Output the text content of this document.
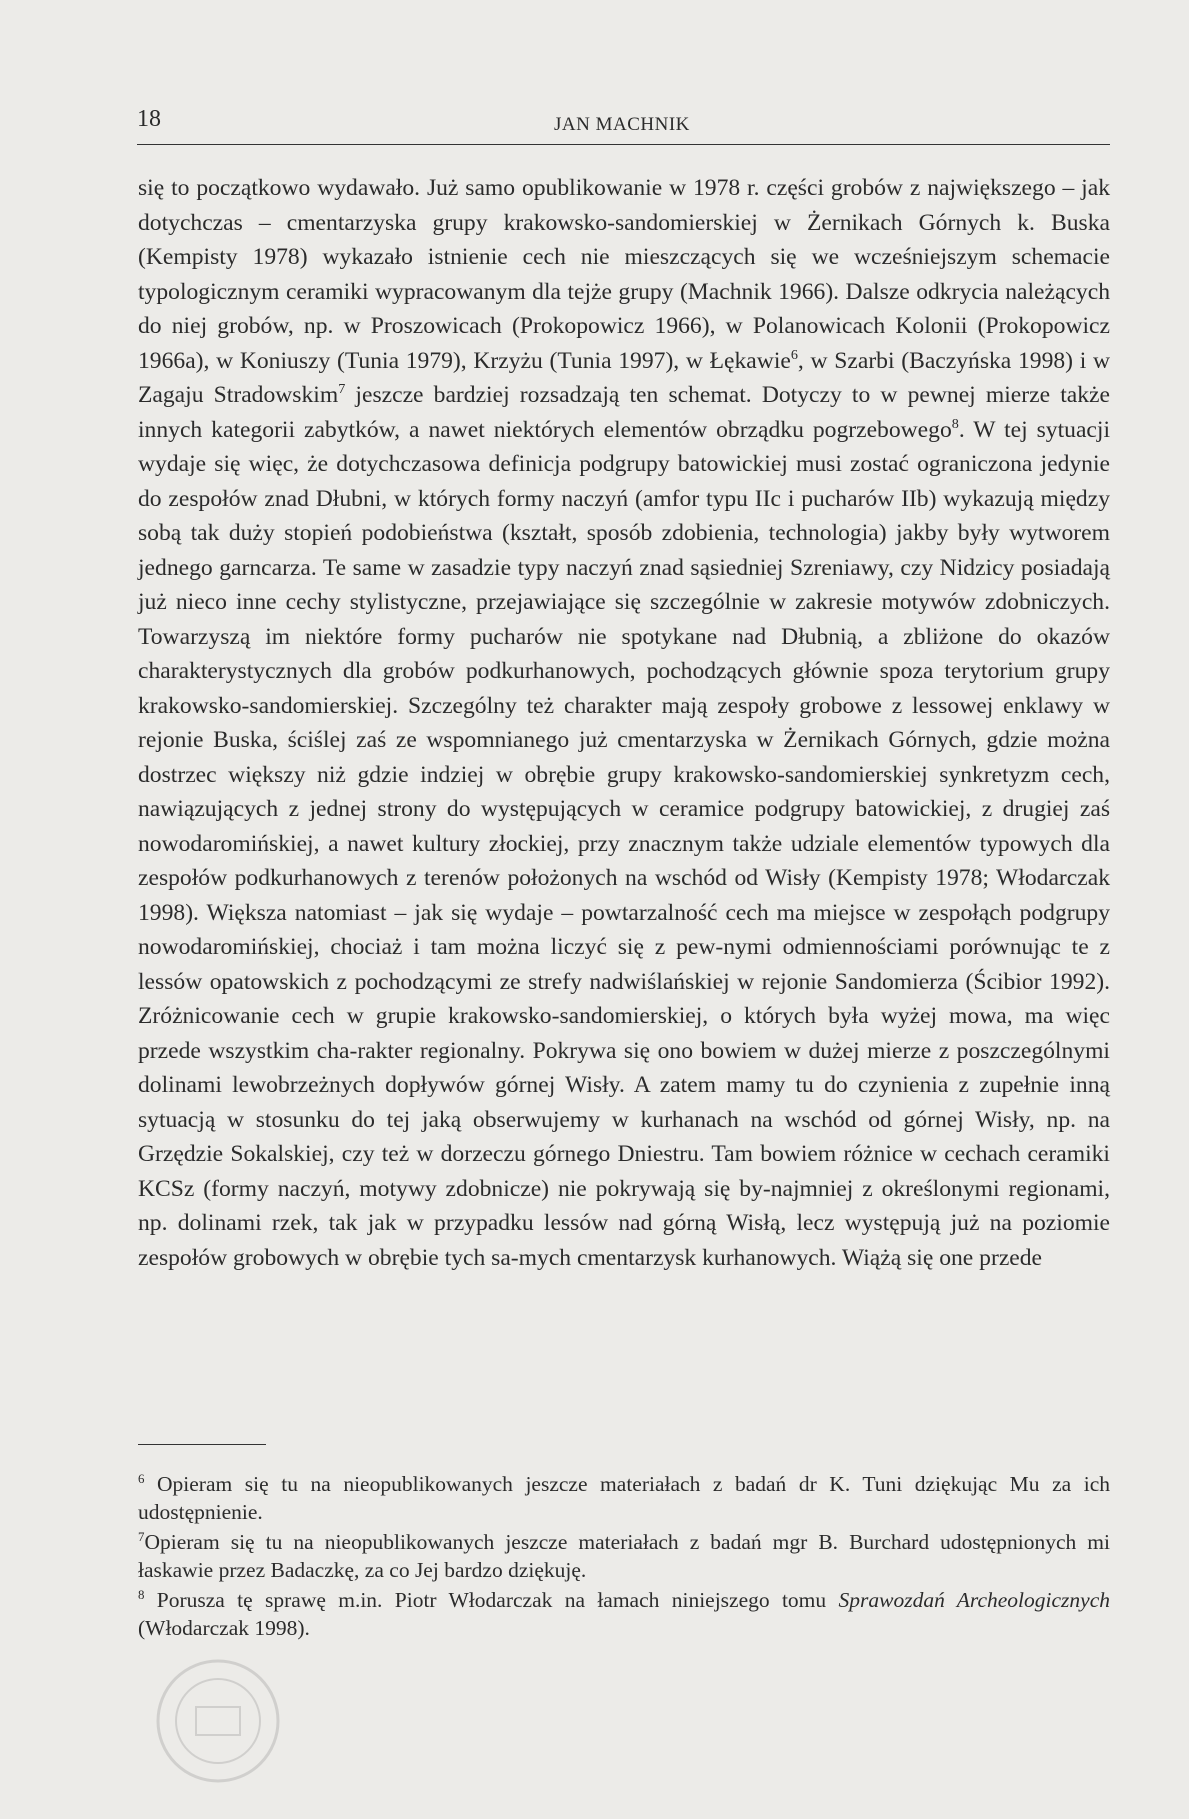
18	JAN MACHNIK

się to początkowo wydawało. Już samo opublikowanie w 1978 r. części grobów z największego – jak dotychczas – cmentarzyska grupy krakowsko-sandomierskiej w Żernikach Górnych k. Buska (Kempisty 1978) wykazało istnienie cech nie mieszczących się we wcześniejszym schemacie typologicznym ceramiki wypracowanym dla tejże grupy (Machnik 1966). Dalsze odkrycia należących do niej grobów, np. w Proszowicach (Prokopowicz 1966), w Polanowicach Kolonii (Prokopowicz 1966a), w Koniuszy (Tunia 1979), Krzyżu (Tunia 1997), w Łękawie$^6$, w Szarbi (Baczyńska 1998) i w Zagaju Stradowskim$^7$ jeszcze bardziej rozsadzają ten schemat. Dotyczy to w pewnej mierze także innych kategorii zabytków, a nawet niektórych elementów obrządku pogrzebowego$^8$. W tej sytuacji wydaje się więc, że dotychczasowa definicja podgrupy batowickiej musi zostać ograniczona jedynie do zespołów znad Dłubni, w których formy naczyń (amfor typu IIc i pucharów IIb) wykazują między sobą tak duży stopień podobieństwa (kształt, sposób zdobienia, technologia) jakby były wytworem jednego garncarza. Te same w zasadzie typy naczyń znad sąsiedniej Szreniawy, czy Nidzicy posiadają już nieco inne cechy stylistyczne, przejawiające się szczególnie w zakresie motywów zdobniczych. Towarzyszą im niektóre formy pucharów nie spotykane nad Dłubnią, a zbliżone do okazów charakterystycznych dla grobów podkurhanowych, pochodzących głównie spoza terytorium grupy krakowsko-sandomierskiej. Szczególny też charakter mają zespoły grobowe z lessowej enklawy w rejonie Buska, ściślej zaś ze wspomnianego już cmentarzyska w Żernikach Górnych, gdzie można dostrzec większy niż gdzie indziej w obrębie grupy krakowsko-sandomierskiej synkretyzm cech, nawiązujących z jednej strony do występujących w ceramice podgrupy batowickiej, z drugiej zaś nowodaromińskiej, a nawet kultury złockiej, przy znacznym także udziale elementów typowych dla zespołów podkurhanowych z terenów położonych na wschód od Wisły (Kempisty 1978; Włodarczak 1998). Większa natomiast – jak się wydaje – powtarzalność cech ma miejsce w zespołąch podgrupy nowodaromińskiej, chociaż i tam można liczyć się z pew-nymi odmiennościami porównując te z lessów opatowskich z pochodzącymi ze strefy nadwiślańskiej w rejonie Sandomierza (Ścibior 1992). Zróżnicowanie cech w grupie krakowsko-sandomierskiej, o których była wyżej mowa, ma więc przede wszystkim cha-rakter regionalny. Pokrywa się ono bowiem w dużej mierze z poszczególnymi dolinami lewobrzeżnych dopływów górnej Wisły. A zatem mamy tu do czynienia z zupełnie inną sytuacją w stosunku do tej jaką obserwujemy w kurhanach na wschód od górnej Wisły, np. na Grzędzie Sokalskiej, czy też w dorzeczu górnego Dniestru. Tam bowiem różnice w cechach ceramiki KCSz (formy naczyń, motywy zdobnicze) nie pokrywają się by-najmniej z określonymi regionami, np. dolinami rzek, tak jak w przypadku lessów nad górną Wisłą, lecz występują już na poziomie zespołów grobowych w obrębie tych sa-mych cmentarzysk kurhanowych. Wiążą się one przede

$^6$ Opieram się tu na nieopublikowanych jeszcze materiałach z badań dr K. Tuni dziękując Mu za ich udostępnienie.

$^7$Opieram się tu na nieopublikowanych jeszcze materiałach z badań mgr B. Burchard udostępnionych mi łaskawie przez Badaczkę, za co Jej bardzo dziękuję.

$^8$ Porusza tę sprawę m.in. Piotr Włodarczak na łamach niniejszego tomu Sprawozdań Archeologicznych (Włodarczak 1998).
